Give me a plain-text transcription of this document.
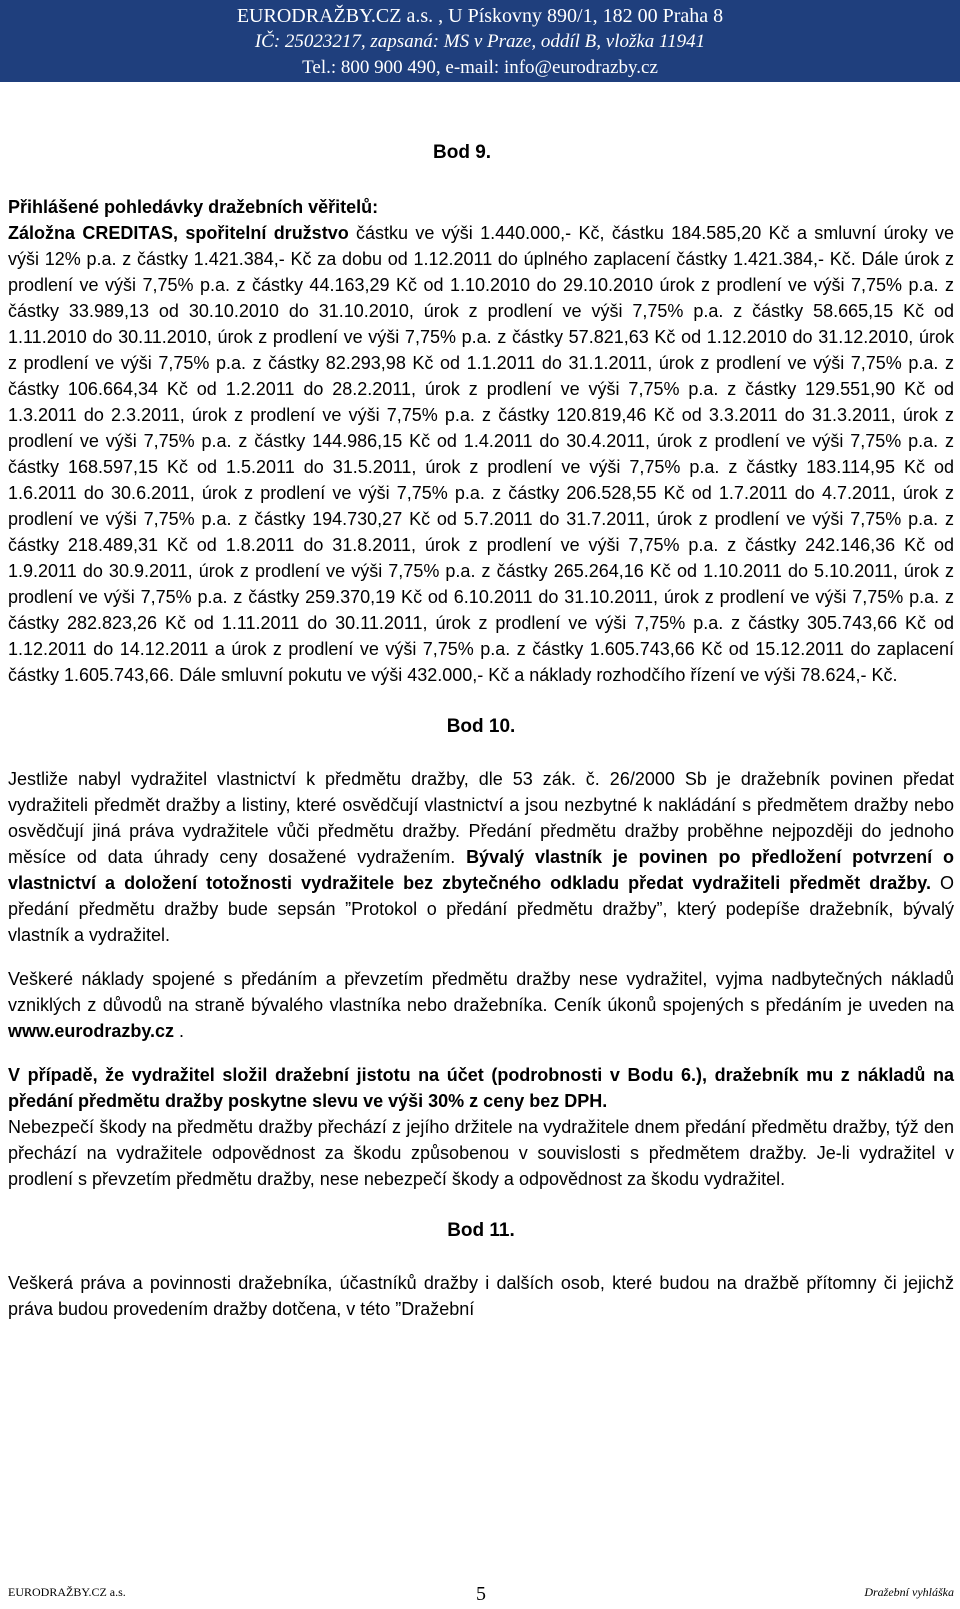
EURODRAŽBY.CZ a.s. , U Pískovny 890/1, 182 00 Praha 8
IČ: 25023217, zapsaná: MS v Praze, oddíl B, vložka 11941
Tel.: 800 900 490, e-mail: info@eurodrazby.cz
Bod 9.
Přihlášené pohledávky dražebních věřitelů:
Záložna CREDITAS, spořitelní družstvo částku ve výši 1.440.000,- Kč, částku 184.585,20 Kč a smluvní úroky ve výši 12% p.a. z částky 1.421.384,- Kč za dobu od 1.12.2011 do úplného zaplacení částky 1.421.384,- Kč. Dále úrok z prodlení ve výši 7,75% p.a. z částky 44.163,29 Kč od 1.10.2010 do 29.10.2010 úrok z prodlení ve výši 7,75% p.a. z částky 33.989,13 od 30.10.2010 do 31.10.2010, úrok z prodlení ve výši 7,75% p.a. z částky 58.665,15 Kč od 1.11.2010 do 30.11.2010, úrok z prodlení ve výši 7,75% p.a. z částky 57.821,63 Kč od 1.12.2010 do 31.12.2010, úrok z prodlení ve výši 7,75% p.a. z částky 82.293,98 Kč od 1.1.2011 do 31.1.2011, úrok z prodlení ve výši 7,75% p.a. z částky 106.664,34 Kč od 1.2.2011 do 28.2.2011, úrok z prodlení ve výši 7,75% p.a. z částky 129.551,90 Kč od 1.3.2011 do 2.3.2011, úrok z prodlení ve výši 7,75% p.a. z částky 120.819,46 Kč od 3.3.2011 do 31.3.2011, úrok z prodlení ve výši 7,75% p.a. z částky 144.986,15 Kč od 1.4.2011 do 30.4.2011, úrok z prodlení ve výši 7,75% p.a. z částky 168.597,15 Kč od 1.5.2011 do 31.5.2011, úrok z prodlení ve výši 7,75% p.a. z částky 183.114,95 Kč od 1.6.2011 do 30.6.2011, úrok z prodlení ve výši 7,75% p.a. z částky 206.528,55 Kč od 1.7.2011 do 4.7.2011, úrok z prodlení ve výši 7,75% p.a. z částky 194.730,27 Kč od 5.7.2011 do 31.7.2011, úrok z prodlení ve výši 7,75% p.a. z částky 218.489,31 Kč od 1.8.2011 do 31.8.2011, úrok z prodlení ve výši 7,75% p.a. z částky 242.146,36 Kč od 1.9.2011 do 30.9.2011, úrok z prodlení ve výši 7,75% p.a. z částky 265.264,16 Kč od 1.10.2011 do 5.10.2011, úrok z prodlení ve výši 7,75% p.a. z částky 259.370,19 Kč od 6.10.2011 do 31.10.2011, úrok z prodlení ve výši 7,75% p.a. z částky 282.823,26 Kč od 1.11.2011 do 30.11.2011, úrok z prodlení ve výši 7,75% p.a. z částky 305.743,66 Kč od 1.12.2011 do 14.12.2011 a úrok z prodlení ve výši 7,75% p.a. z částky 1.605.743,66 Kč od 15.12.2011 do zaplacení částky 1.605.743,66. Dále smluvní pokutu ve výši 432.000,- Kč a náklady rozhodčího řízení ve výši 78.624,- Kč.
Bod 10.
Jestliže nabyl vydražitel vlastnictví k předmětu dražby, dle 53 zák. č. 26/2000 Sb je dražebník povinen předat vydražiteli předmět dražby a listiny, které osvědčují vlastnictví a jsou nezbytné k nakládání s předmětem dražby nebo osvědčují jiná práva vydražitele vůči předmětu dražby. Předání předmětu dražby proběhne nejpozději do jednoho měsíce od data úhrady ceny dosažené vydražením. Bývalý vlastník je povinen po předložení potvrzení o vlastnictví a doložení totožnosti vydražitele bez zbytečného odkladu předat vydražiteli předmět dražby. O předání předmětu dražby bude sepsán ”Protokol o předání předmětu dražby”, který podepíše dražebník, bývalý vlastník a vydražitel.
Veškeré náklady spojené s předáním a převzetím předmětu dražby nese vydražitel, vyjma nadbytečných nákladů vzniklých z důvodů na straně bývalého vlastníka nebo dražebníka. Ceník úkonů spojených s předáním je uveden na www.eurodrazby.cz .
V případě, že vydražitel složil dražební jistotu na účet (podrobnosti v Bodu 6.), dražebník mu z nákladů na předání předmětu dražby poskytne slevu ve výši 30% z ceny bez DPH.
Nebezpečí škody na předmětu dražby přechází z jejího držitele na vydražitele dnem předání předmětu dražby, týž den přechází na vydražitele odpovědnost za škodu způsobenou v souvislosti s předmětem dražby. Je-li vydražitel v prodlení s převzetím předmětu dražby, nese nebezpečí škody a odpovědnost za škodu vydražitel.
Bod 11.
Veškerá práva a povinnosti dražebníka, účastníků dražby i dalších osob, které budou na dražbě přítomny či jejichž práva budou provedením dražby dotčena, v této ”Dražební
EURODRAŽBY.CZ a.s.	5	Dražební vyhláška
